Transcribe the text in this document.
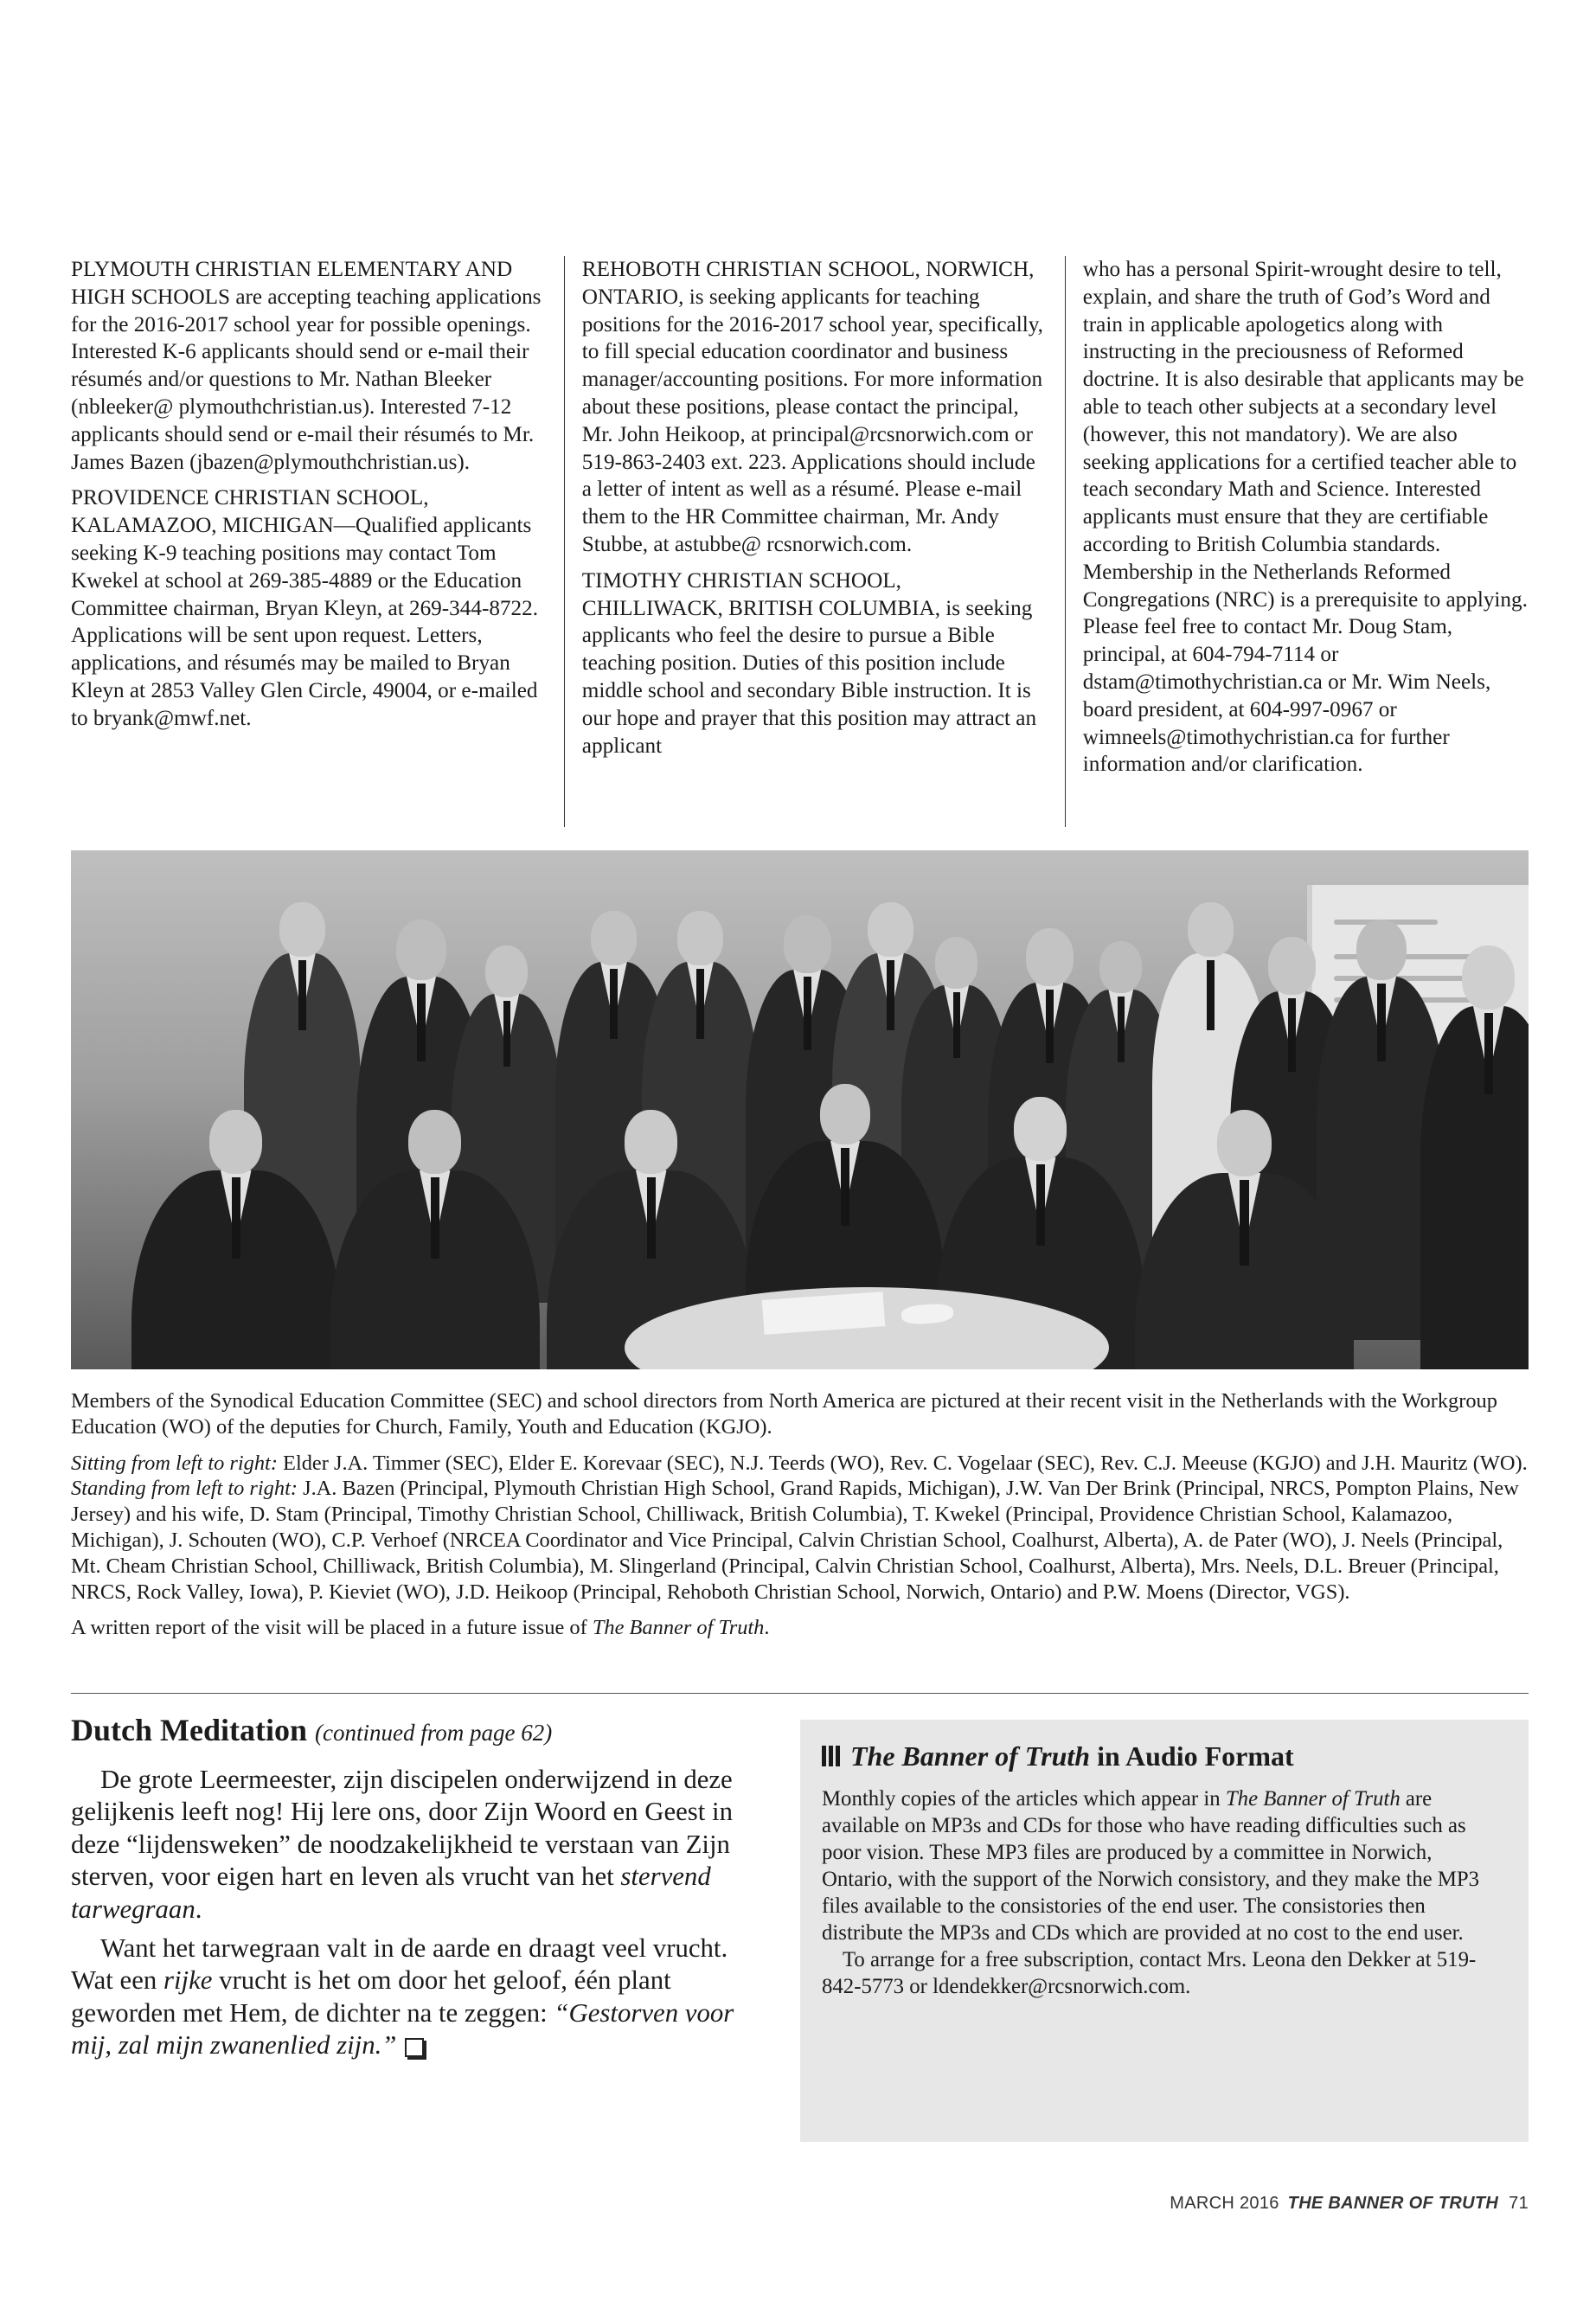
PLYMOUTH CHRISTIAN ELEMENTARY AND HIGH SCHOOLS are accepting teaching applications for the 2016-2017 school year for possible openings. Interested K-6 applicants should send or e-mail their résumés and/or questions to Mr. Nathan Bleeker (nbleeker@ plymouthchristian.us). Interested 7-12 applicants should send or e-mail their résumés to Mr. James Bazen (jbazen@plymouthchristian.us).

PROVIDENCE CHRISTIAN SCHOOL, KALAMAZOO, MICHIGAN—Qualified applicants seeking K-9 teaching positions may contact Tom Kwekel at school at 269-385-4889 or the Education Committee chairman, Bryan Kleyn, at 269-344-8722. Applications will be sent upon request. Letters, applications, and résumés may be mailed to Bryan Kleyn at 2853 Valley Glen Circle, 49004, or e-mailed to bryank@mwf.net.

REHOBOTH CHRISTIAN SCHOOL, NORWICH, ONTARIO, is seeking applicants for teaching positions for the 2016-2017 school year, specifically, to fill special education coordinator and business manager/accounting positions. For more information about these positions, please contact the principal, Mr. John Heikoop, at principal@rcsnorwich.com or 519-863-2403 ext. 223. Applications should include a letter of intent as well as a résumé. Please e-mail them to the HR Committee chairman, Mr. Andy Stubbe, at astubbe@ rcsnorwich.com.

TIMOTHY CHRISTIAN SCHOOL, CHILLIWACK, BRITISH COLUMBIA, is seeking applicants who feel the desire to pursue a Bible teaching position. Duties of this position include middle school and secondary Bible instruction. It is our hope and prayer that this position may attract an applicant

who has a personal Spirit-wrought desire to tell, explain, and share the truth of God’s Word and train in applicable apologetics along with instructing in the preciousness of Reformed doctrine. It is also desirable that applicants may be able to teach other subjects at a secondary level (however, this not mandatory). We are also seeking applications for a certified teacher able to teach secondary Math and Science. Interested applicants must ensure that they are certifiable according to British Columbia standards. Membership in the Netherlands Reformed Congregations (NRC) is a prerequisite to applying. Please feel free to contact Mr. Doug Stam, principal, at 604-794-7114 or dstam@timothychristian.ca or Mr. Wim Neels, board president, at 604-997-0967 or wimneels@timothychristian.ca for further information and/or clarification.

Members of the Synodical Education Committee (SEC) and school directors from North America are pictured at their recent visit in the Netherlands with the Workgroup Education (WO) of the deputies for Church, Family, Youth and Education (KGJO).

Sitting from left to right: Elder J.A. Timmer (SEC), Elder E. Korevaar (SEC), N.J. Teerds (WO), Rev. C. Vogelaar (SEC), Rev. C.J. Meeuse (KGJO) and J.H. Mauritz (WO). Standing from left to right: J.A. Bazen (Principal, Plymouth Christian High School, Grand Rapids, Michigan), J.W. Van Der Brink (Principal, NRCS, Pompton Plains, New Jersey) and his wife, D. Stam (Principal, Timothy Christian School, Chilliwack, British Columbia), T. Kwekel (Principal, Providence Christian School, Kalamazoo, Michigan), J. Schouten (WO), C.P. Verhoef (NRCEA Coordinator and Vice Principal, Calvin Christian School, Coalhurst, Alberta), A. de Pater (WO), J. Neels (Principal, Mt. Cheam Christian School, Chilliwack, British Columbia), M. Slingerland (Principal, Calvin Christian School, Coalhurst, Alberta), Mrs. Neels, D.L. Breuer (Principal, NRCS, Rock Valley, Iowa), P. Kieviet (WO), J.D. Heikoop (Principal, Rehoboth Christian School, Norwich, Ontario) and P.W. Moens (Director, VGS).

A written report of the visit will be placed in a future issue of The Banner of Truth.

Dutch Meditation (continued from page 62)

De grote Leermeester, zijn discipelen onderwijzend in deze gelijkenis leeft nog! Hij lere ons, door Zijn Woord en Geest in deze “lijdensweken” de noodzakelijkheid te verstaan van Zijn sterven, voor eigen hart en leven als vrucht van het stervend tarwegraan.

Want het tarwegraan valt in de aarde en draagt veel vrucht. Wat een rijke vrucht is het om door het geloof, één plant geworden met Hem, de dichter na te zeggen: “Gestorven voor mij, zal mijn zwanenlied zijn.”

The Banner of Truth in Audio Format

Monthly copies of the articles which appear in The Banner of Truth are available on MP3s and CDs for those who have reading difficulties such as poor vision. These MP3 files are produced by a committee in Norwich, Ontario, with the support of the Norwich consistory, and they make the MP3 files available to the consistories of the end user. The consistories then distribute the MP3s and CDs which are provided at no cost to the end user.

To arrange for a free subscription, contact Mrs. Leona den Dekker at 519-842-5773 or ldendekker@rcsnorwich.com.

MARCH 2016 THE BANNER OF TRUTH 71
